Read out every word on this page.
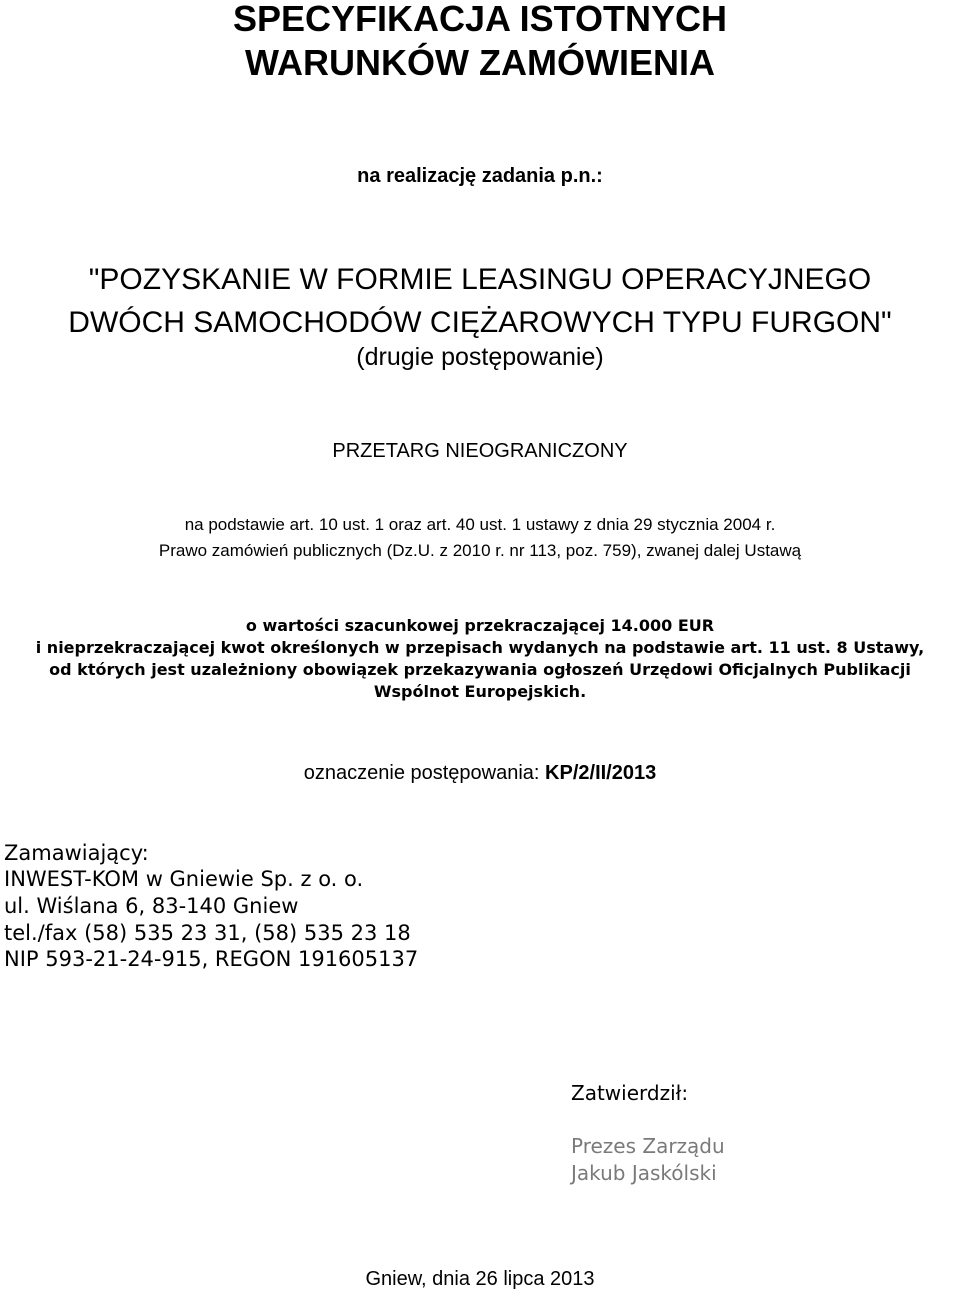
SPECYFIKACJA ISTOTNYCH
WARUNKÓW ZAMÓWIENIA
na realizację zadania p.n.:
"POZYSKANIE W FORMIE LEASINGU OPERACYJNEGO
DWÓCH SAMOCHODÓW CIĘŻAROWYCH TYPU FURGON"
(drugie postępowanie)
PRZETARG NIEOGRANICZONY
na podstawie art. 10 ust. 1 oraz art. 40 ust. 1 ustawy z dnia 29 stycznia 2004 r.
Prawo zamówień publicznych (Dz.U. z 2010 r. nr 113, poz. 759), zwanej dalej Ustawą
o wartości szacunkowej przekraczającej 14.000 EUR
i nieprzekraczającej kwot określonych w przepisach wydanych na podstawie art. 11 ust. 8 Ustawy,
od których jest uzależniony obowiązek przekazywania ogłoszeń Urzędowi Oficjalnych Publikacji
Wspólnot Europejskich.
oznaczenie postępowania: KP/2/II/2013
Zamawiający:
INWEST-KOM w Gniewie Sp. z o. o.
ul. Wiślana 6, 83-140 Gniew
tel./fax (58) 535 23 31, (58) 535 23 18
NIP 593-21-24-915, REGON 191605137
Zatwierdził:
Prezes Zarządu
Jakub Jaskólski
Gniew, dnia 26 lipca 2013
